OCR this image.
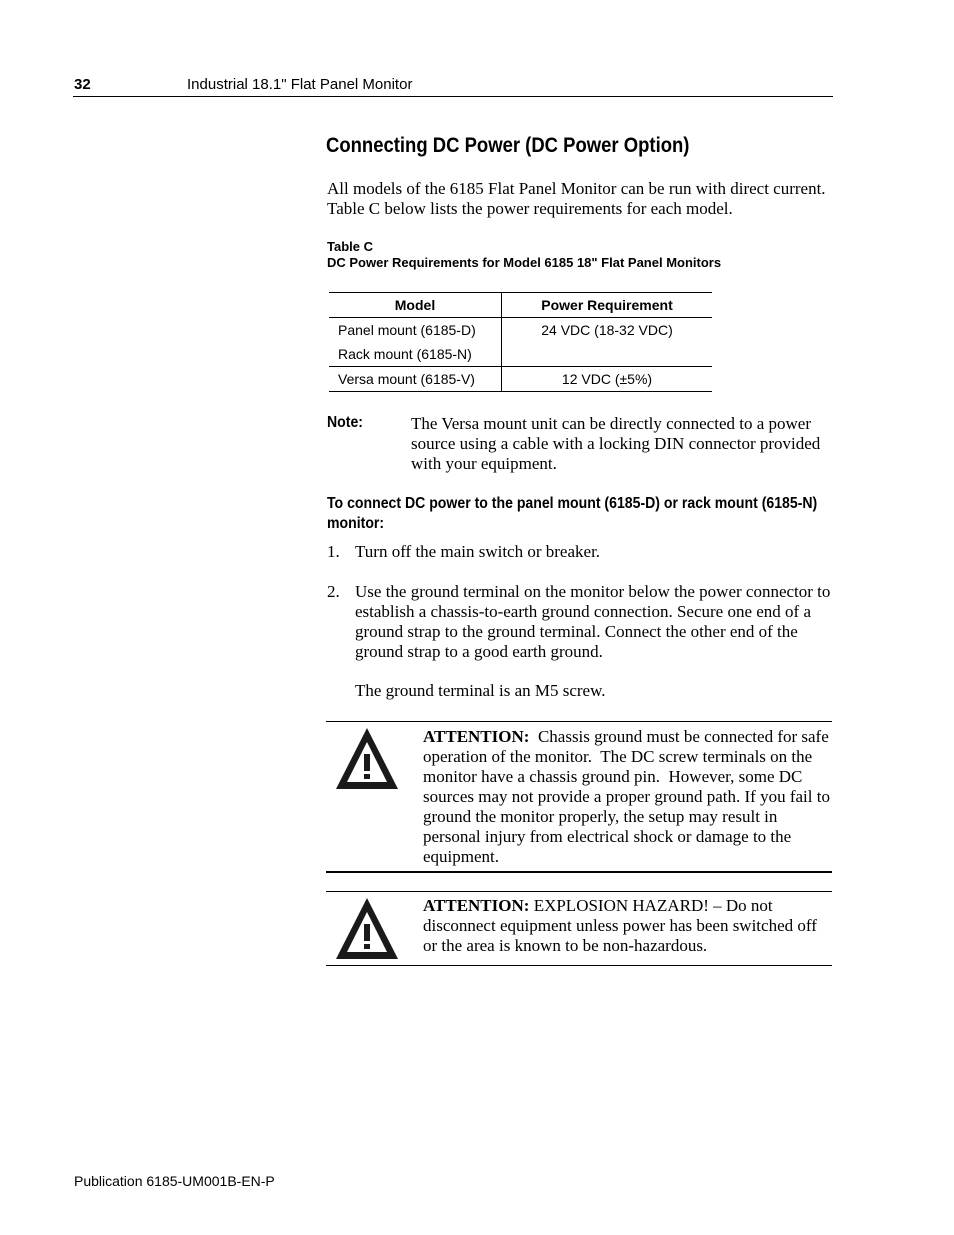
32	Industrial 18.1" Flat Panel Monitor
Connecting DC Power (DC Power Option)
All models of the 6185 Flat Panel Monitor can be run with direct current. Table C below lists the power requirements for each model.
Table C
DC Power Requirements for Model 6185 18" Flat Panel Monitors
Model	Power Requirement

Panel mount (6185-D)
Rack mount (6185-N)	24 VDC (18-32 VDC)

Versa mount (6185-V)	12 VDC (±5%)
Note:	The Versa mount unit can be directly connected to a power source using a cable with a locking DIN connector provided with your equipment.
To connect DC power to the panel mount (6185-D) or rack mount (6185-N) monitor:
1. Turn off the main switch or breaker.
2. Use the ground terminal on the monitor below the power connector to establish a chassis-to-earth ground connection. Secure one end of a ground strap to the ground terminal. Connect the other end of the ground strap to a good earth ground.
The ground terminal is an M5 screw.
ATTENTION:  Chassis ground must be connected for safe operation of the monitor.  The DC screw terminals on the monitor have a chassis ground pin.  However, some DC sources may not provide a proper ground path. If you fail to ground the monitor properly, the setup may result in personal injury from electrical shock or damage to the equipment.
ATTENTION: EXPLOSION HAZARD! – Do not disconnect equipment unless power has been switched off or the area is known to be non-hazardous.
Publication 6185-UM001B-EN-P
